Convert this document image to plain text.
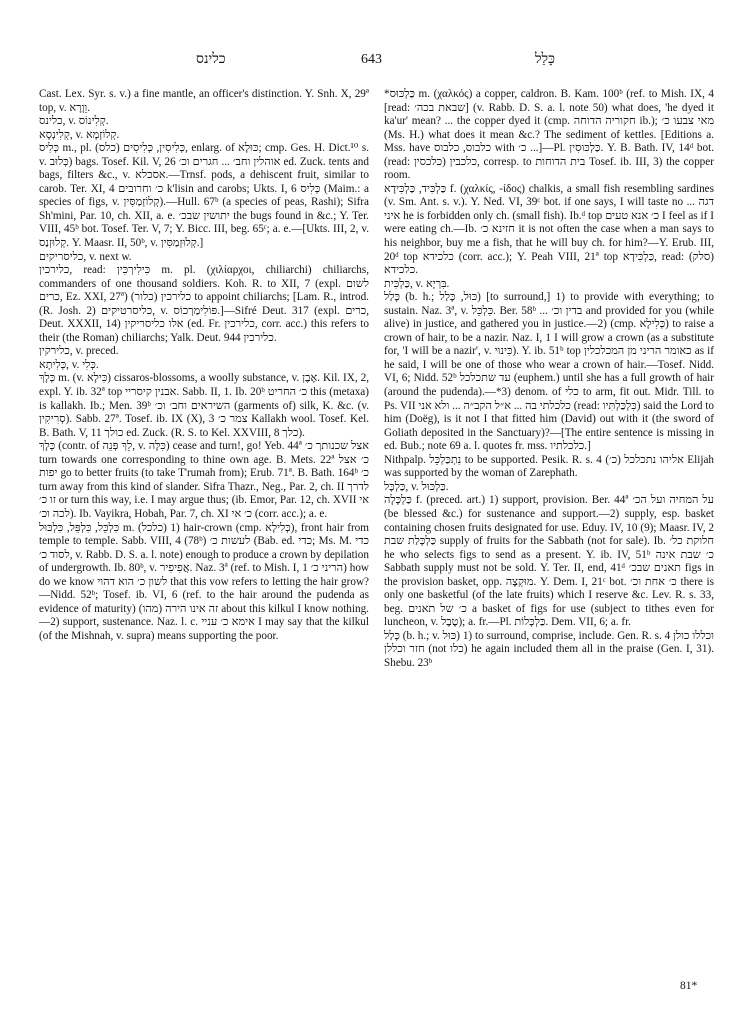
כלינס	643	כָּלַל

Cast. Lex. Syr. s. v.) a fine mantle, an officer's distinction. Y. Snh. X, 29ª top, v. וֵוָרָא.

כלינס, v. קְלִינוֹס.

קְלִינְסָא, v. קְלוֹזְמָא.

כְּלִיס m., pl. כְּלִיסִין, כְּלִיסִים (כלס), enlarg. of כּוּלָא; cmp. Ges. H. Dict.¹⁰ s. v. כְּלוּב) bags. Tosef. Kil. V, 26 אוהלין וחב׳ ... חגרים וכ׳ ed. Zuck. tents and bags, filters &c., v. אסכלא.—Trnsf. pods, a dehiscent fruit, similar to carob. Ter. XI, 4 כ׳ וחרובים k'lisin and carobs; Ukts. I, 6 כְּלִיס (Maim.: a species of figs, v. קְלוֹזְמַסִּין).—Hull. 67ᵇ (a species of peas, Rashi); Sifra Sh'mini, Par. 10, ch. XII, a. e. יתושין שבכ׳ the bugs found in &c.; Y. Ter. VIII, 45ᵇ bot. Tosef. Ter. V, 7; Y. Bicc. III, beg. 65ᶜ; a. e.—[Ukts. III, 2, v. קְלוּזְנַס. Y. Maasr. II, 50ᵇ, v. קְלוּזְמַסִּין.]

כליסריקים, v. next w.

כלירכין, read: כִּילִירְכִּין m. pl. (χιλίαρχοι, chiliarchi) chiliarchs, commanders of one thousand soldiers. Koh. R. to XII, 7 (expl. לשום כרים, Ez. XXI, 27ª) (כלור) כלירכין to appoint chiliarchs; [Lam. R., introd. (R. Josh. 2) כליסרטיקים, v. פּוֹלִימַרְכוֹס.]—Sifré Deut. 317 (expl. כרים, Deut. XXXII, 14) אלו כליסריקין (ed. Fr. כלירכין, corr. acc.) this refers to their (the Roman) chiliarchs; Yalk. Deut. 944 כלירכין.

כלירקין, v. preced.

כְּלִיתָא, v. כְּלִי.

כְּלָךְ m. (v. כִּילָא) cissaros-blossoms, a woolly substance, v. אֶבֶן. Kil. IX, 2, expl. Y. ib. 32ª top אבנין קיסריי. Sabb. II, 1. Ib. 20ᵇ כ׳ החריט this (metaxa) is kallakh. Ib.; Men. 39ᵇ השיראים וחב׳ וכ׳ (garments of) silk, K. &c. (v. סְרִיקִין). Sabb. 27ª. Tosef. ib. IX (X), 3 צמר כ׳ Kallakh wool. Tosef. Kel. B. Bath. V, 11 כולך ed. Zuck. (R. S. to Kel. XXVIII, 8 כלך).

כְּלָךְ (contr. of לֵךְ פְּנֵה, v. כִּלָּה) cease and turn!, go! Yeb. 44ª אצל שכנותך כ׳ turn towards one corresponding to thine own age. B. Mets. 22ª כ׳ אצל יפות go to better fruits (to take T'rumah from); Erub. 71ª. B. Bath. 164ᵇ כ׳ turn away from this kind of slander. Sifra Thazr., Neg., Par. 2, ch. II לדרך זו כ׳ or turn this way, i.e. I may argue thus; (ib. Emor, Par. 12, ch. XVII אי לכה וכ׳). Ib. Vayikra, Hobah, Par. 7, ch. XI כ׳ אי (corr. acc.); a. e.

כִּלְכֵּל, כִּלְפֵּל, כִּלְכּוּל m. (כלכל) 1) hair-crown (cmp. כְּלִילָא), front hair from temple to temple. Sabb. VIII, 4 (78ᵇ) לעשות כ׳ (Bab. ed. כדי; Ms. M. כדי לסוד כ׳, v. Rabb. D. S. a. l. note) enough to produce a crown by depilation of undergrowth. Ib. 80ᵇ, v. אֲפִיפִיר. Naz. 3ª (ref. to Mish. I, 1 הריני כ׳) how do we know לשון כ׳ הוא דהוי that this vow refers to letting the hair grow?—Nidd. 52ᵇ; Tosef. ib. VI, 6 (ref. to the hair around the pudenda as evidence of maturity) (מהו) זה אינו הירה about this kilkul I know nothing.—2) support, sustenance. Naz. l. c. אימא כ׳ עניי I may say that the kilkul (of the Mishnah, v. supra) means supporting the poor.

*כַּלְכּוּס m. (χαλκός) a copper, caldron. B. Kam. 100ᵇ (ref. to Mish. IX, 4 [read: שבאת בכה׳] (v. Rabb. D. S. a. l. note 50) what does, 'he dyed it ka'ur' mean? ... the copper dyed it (cmp. חקוריה הדוחה ib.); מאי צבעו כ׳ (Ms. H.) what does it mean &c.? The sediment of kettles. [Editions a. Mss. have כלבוס, כלבוס with כ׳ ...]—Pl. כַּלְכּוּסִין. Y. B. Bath. IV, 14ᵈ bot. (read: כלכסין) כלכבין, corresp. to בית הדוחות Tosef. ib. III, 3) the copper room.

כַּלְכִּיד, כַּלְכִּידָא f. (χαλκίς, -ίδος) chalkis, a small fish resembling sardines (v. Sm. Ant. s. v.). Y. Ned. VI, 39ᶜ bot. if one says, I will taste no דגה ... איני he is forbidden only ch. (small fish). Ib.ᵈ top כ׳ אנא טעים I feel as if I were eating ch.—Ib. חזינא כ׳ it is not often the case when a man says to his neighbor, buy me a fish, that he will buy ch. for him?—Y. Erub. III, 20ᵈ top כלכידא (corr. acc.); Y. Peah VIII, 21ª top כַּלְכִּידָא, read: (סלק) כלכידא.

כַּלְכִּית, v. בִּרְיָא.

כָּלַל (b. h.; כּוּל, כָּלַל) [to surround,] 1) to provide with everything; to sustain. Naz. 3ª, v. כִּלְכֵּל. Ber. 58ᵇ ... בדין וכ׳ and provided for you (while alive) in justice, and gathered you in justice.—2) (cmp. כְּלִילָא) to raise a crown of hair, to be a nazir. Naz. I, 1 I will grow a crown (as a substitute for, 'I will be a nazir', v. כִּינוּי). Y. ib. 51ᵇ top כאומר הריני מן המכלכלין as if he said, I will be one of those who wear a crown of hair.—Tosef. Nidd. VI, 6; Nidd. 52ᵇ עד שתכלכל (euphem.) until she has a full growth of hair (around the pudenda).—*3) denom. of כלי to arm, fit out. Midr. Till. to Ps. VII כלכלתי בה ... א״ל הקב״ה ... ולא אני (read: כִּלְכַּלְתִּיו) said the Lord to him (Doëg), is it not I that fitted him (David) out with it (the sword of Goliath deposited in the Sanctuary)?—[The entire sentence is missing in ed. Bub.; note 69 a. l. quotes fr. mss. כלכלתיו.]

Nithpalp. נִתְכַּלְכֵּל to be supported. Pesik. R. s. 4 אליהו נתכלכל (כ׳) Elijah was supported by the woman of Zarephath.

כַּלְכָּל, v. כַּלְכּוּל.

כַּלְכָּלָה f. (preced. art.) 1) support, provision. Ber. 44ª על המחיה ועל הכ׳ (be blessed &c.) for sustenance and support.—2) supply, esp. basket containing chosen fruits designated for use. Eduy. IV, 10 (9); Maasr. IV, 2 כַּלְכָּלַת שבת supply of fruits for the Sabbath (not for sale). Ib. חלוקת כל׳ he who selects figs to send as a present. Y. ib. IV, 51ᵇ כ׳ שבת אינה Sabbath supply must not be sold. Y. Ter. II, end, 41ᵈ תאנים שבכ׳ figs in the provision basket, opp. מוּקְצֶה. Y. Dem. I, 21ᶜ bot. כ׳ אחת וכ׳ there is only one basketful (of the late fruits) which I reserve &c. Lev. R. s. 33, beg. כ׳ של תאנים a basket of figs for use (subject to tithes even for luncheon, v. טֶבֶל); a. fr.—Pl. כַּלְכָּלוֹת. Dem. VII, 6; a. fr.

כָּלַל (b. h.; v. כּוּל) 1) to surround, comprise, include. Gen. R. s. 4 וכללו כולן חזר וכללן (not כלו) he again included them all in the praise (Gen. I, 31). Shebu. 23ᵇ

81*
